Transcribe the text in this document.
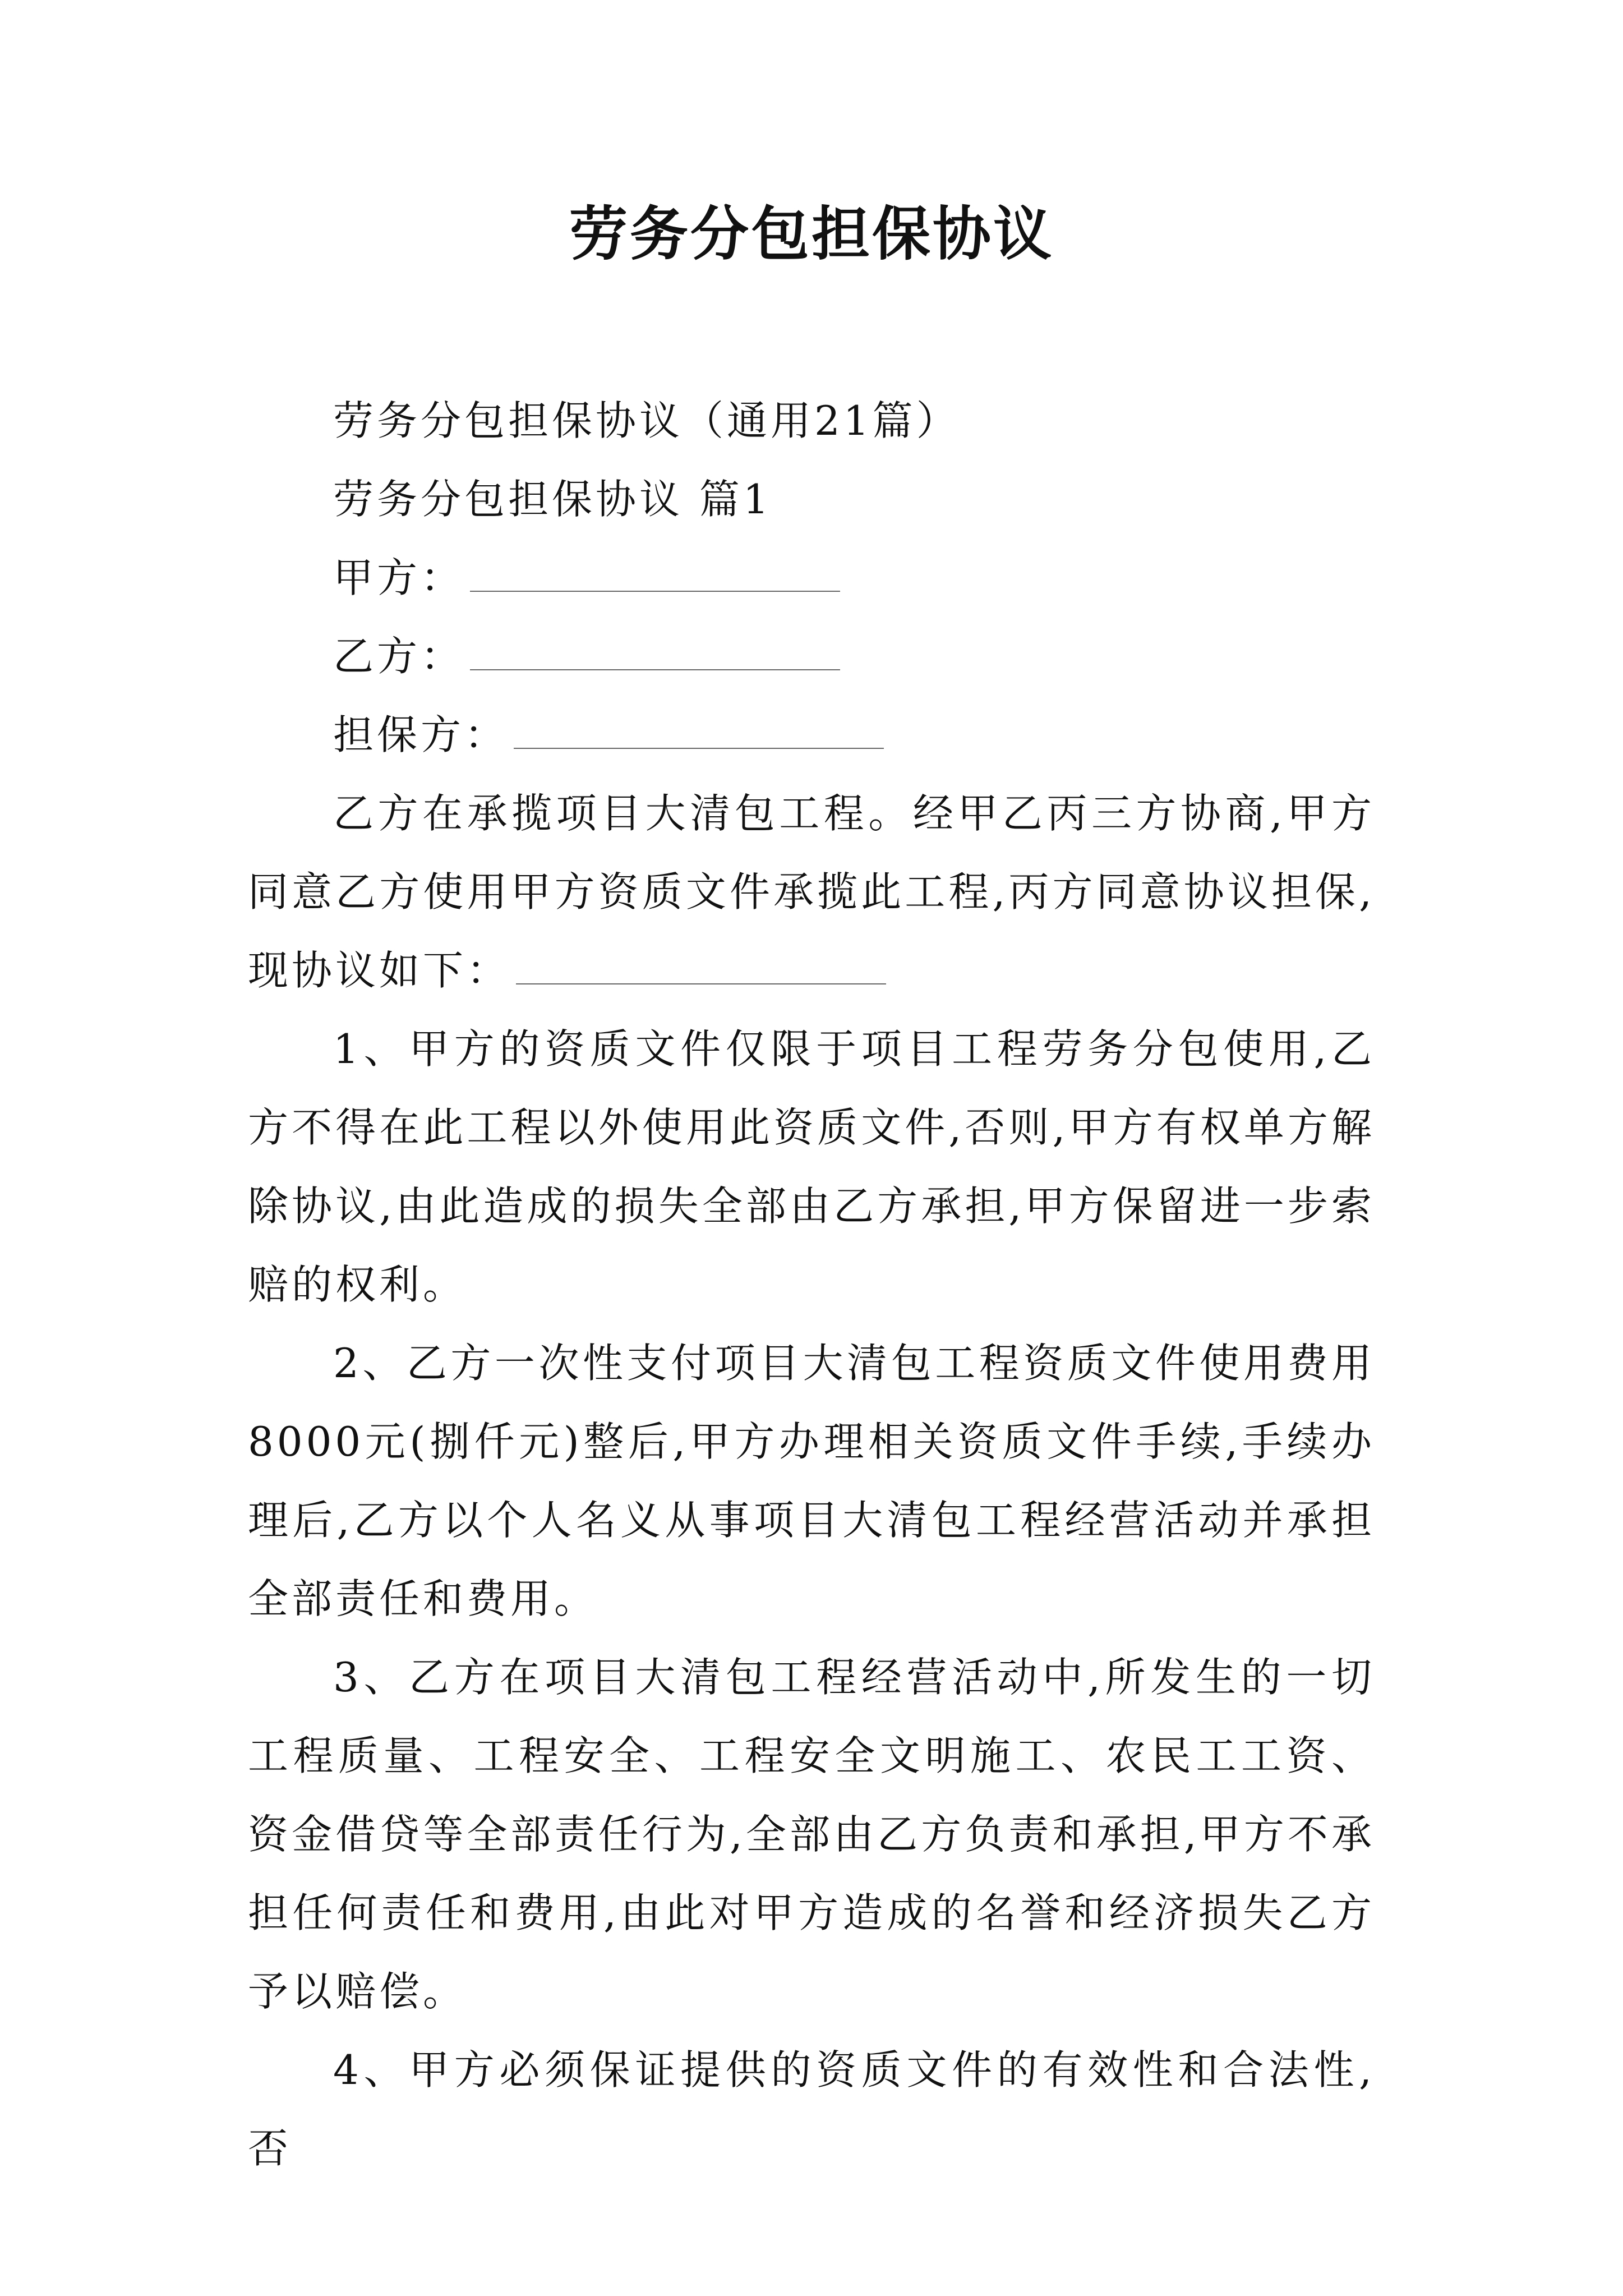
劳务分包担保协议
劳务分包担保协议（通用21篇）
劳务分包担保协议 篇1
甲方：
乙方：
担保方：

乙方在承揽项目大清包工程。经甲乙丙三方协商,甲方同意乙方使用甲方资质文件承揽此工程,丙方同意协议担保,现协议如下：

1、甲方的资质文件仅限于项目工程劳务分包使用,乙方不得在此工程以外使用此资质文件,否则,甲方有权单方解除协议,由此造成的损失全部由乙方承担,甲方保留进一步索赔的权利。

2、乙方一次性支付项目大清包工程资质文件使用费用8000元(捌仟元)整后,甲方办理相关资质文件手续,手续办理后,乙方以个人名义从事项目大清包工程经营活动并承担全部责任和费用。

3、乙方在项目大清包工程经营活动中,所发生的一切工程质量、工程安全、工程安全文明施工、农民工工资、资金借贷等全部责任行为,全部由乙方负责和承担,甲方不承担任何责任和费用,由此对甲方造成的名誉和经济损失乙方予以赔偿。

4、甲方必须保证提供的资质文件的有效性和合法性,否
